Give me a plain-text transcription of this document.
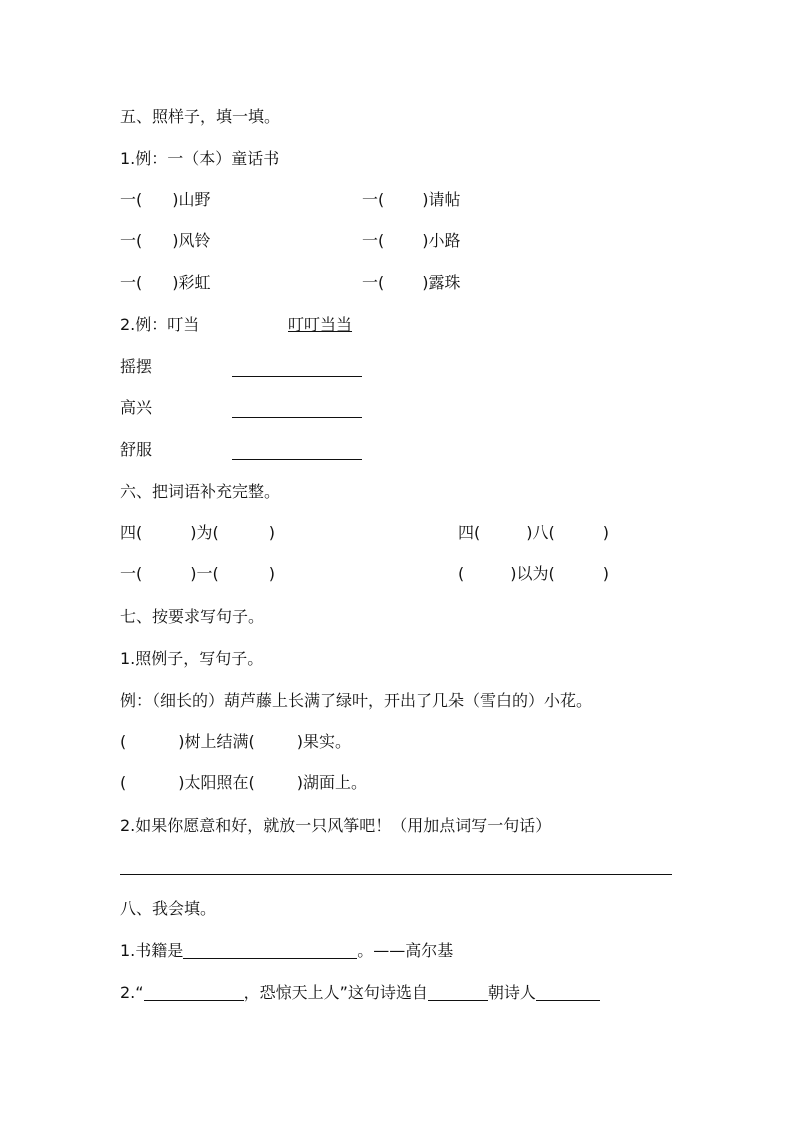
五、照样子，填一填。
1.例：一（本）童话书
一( )山野	一( )请帖
一( )风铃	一( )小路
一( )彩虹	一( )露珠
2.例：叮当	叮叮当当
摇摆
高兴
舒服
六、把词语补充完整。
四(	)为(	)	四(	)八(	)
一(	)一(	)	(	)以为(	)
七、按要求写句子。
1.照例子，写句子。
例：（细长的）葫芦藤上长满了绿叶，开出了几朵（雪白的）小花。
(	)树上结满(	)果实。
(	)太阳照在(	)湖面上。
2.如果你愿意和好，就放一只风筝吧！（用加点词写一句话）
八、我会填。
1.书籍是	。——高尔基
2.“	，恐惊天上人”这句诗选自	朝诗人
